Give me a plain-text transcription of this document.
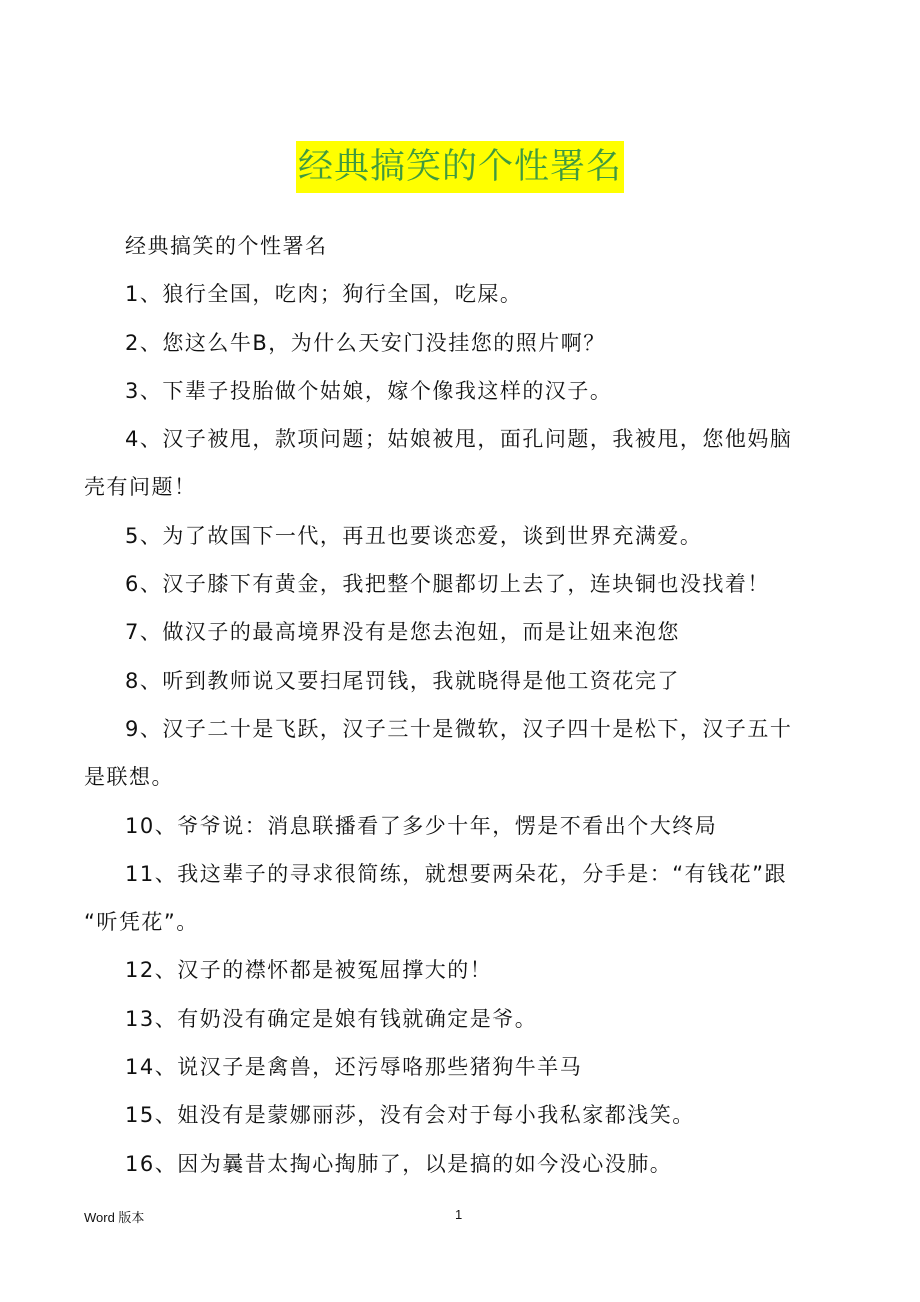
经典搞笑的个性署名
经典搞笑的个性署名
1、狼行全国，吃肉；狗行全国，吃屎。
2、您这么牛B，为什么天安门没挂您的照片啊？
3、下辈子投胎做个姑娘，嫁个像我这样的汉子。
4、汉子被甩，款项问题；姑娘被甩，面孔问题，我被甩，您他妈脑
壳有问题！
5、为了故国下一代，再丑也要谈恋爱，谈到世界充满爱。
6、汉子膝下有黄金，我把整个腿都切上去了，连块铜也没找着！
7、做汉子的最高境界没有是您去泡妞，而是让妞来泡您
8、听到教师说又要扫尾罚钱，我就晓得是他工资花完了
9、汉子二十是飞跃，汉子三十是微软，汉子四十是松下，汉子五十
是联想。
10、爷爷说：消息联播看了多少十年，愣是不看出个大终局
11、我这辈子的寻求很简练，就想要两朵花，分手是：“有钱花”跟
“听凭花”。
12、汉子的襟怀都是被冤屈撑大的！
13、有奶没有确定是娘有钱就确定是爷。
14、说汉子是禽兽，还污辱咯那些猪狗牛羊马
15、姐没有是蒙娜丽莎，没有会对于每小我私家都浅笑。
16、因为曩昔太掏心掏肺了，以是搞的如今没心没肺。
Word 版本	1
